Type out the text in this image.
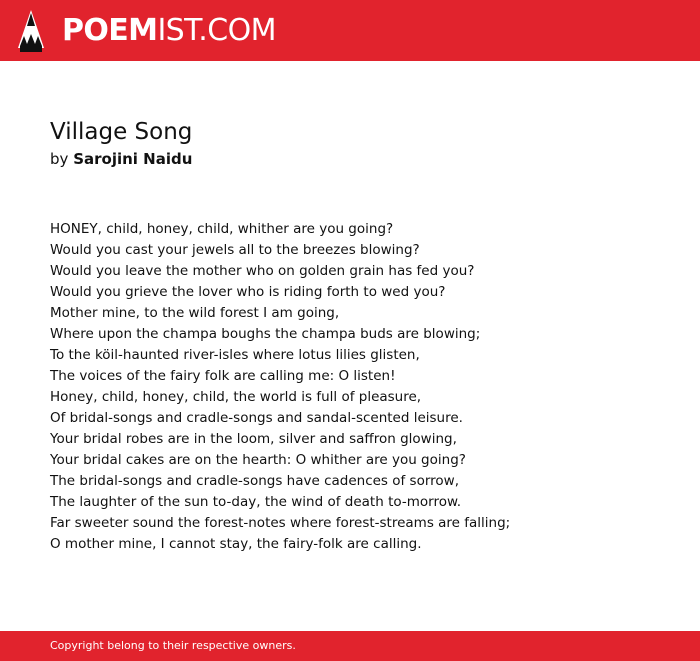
POEMIST.COM
Village Song
by Sarojini Naidu
HONEY, child, honey, child, whither are you going?
Would you cast your jewels all to the breezes blowing?
Would you leave the mother who on golden grain has fed you?
Would you grieve the lover who is riding forth to wed you?
Mother mine, to the wild forest I am going,
Where upon the champa boughs the champa buds are blowing;
To the köil-haunted river-isles where lotus lilies glisten,
The voices of the fairy folk are calling me: O listen!
Honey, child, honey, child, the world is full of pleasure,
Of bridal-songs and cradle-songs and sandal-scented leisure.
Your bridal robes are in the loom, silver and saffron glowing,
Your bridal cakes are on the hearth: O whither are you going?
The bridal-songs and cradle-songs have cadences of sorrow,
The laughter of the sun to-day, the wind of death to-morrow.
Far sweeter sound the forest-notes where forest-streams are falling;
O mother mine, I cannot stay, the fairy-folk are calling.
Copyright belong to their respective owners.
